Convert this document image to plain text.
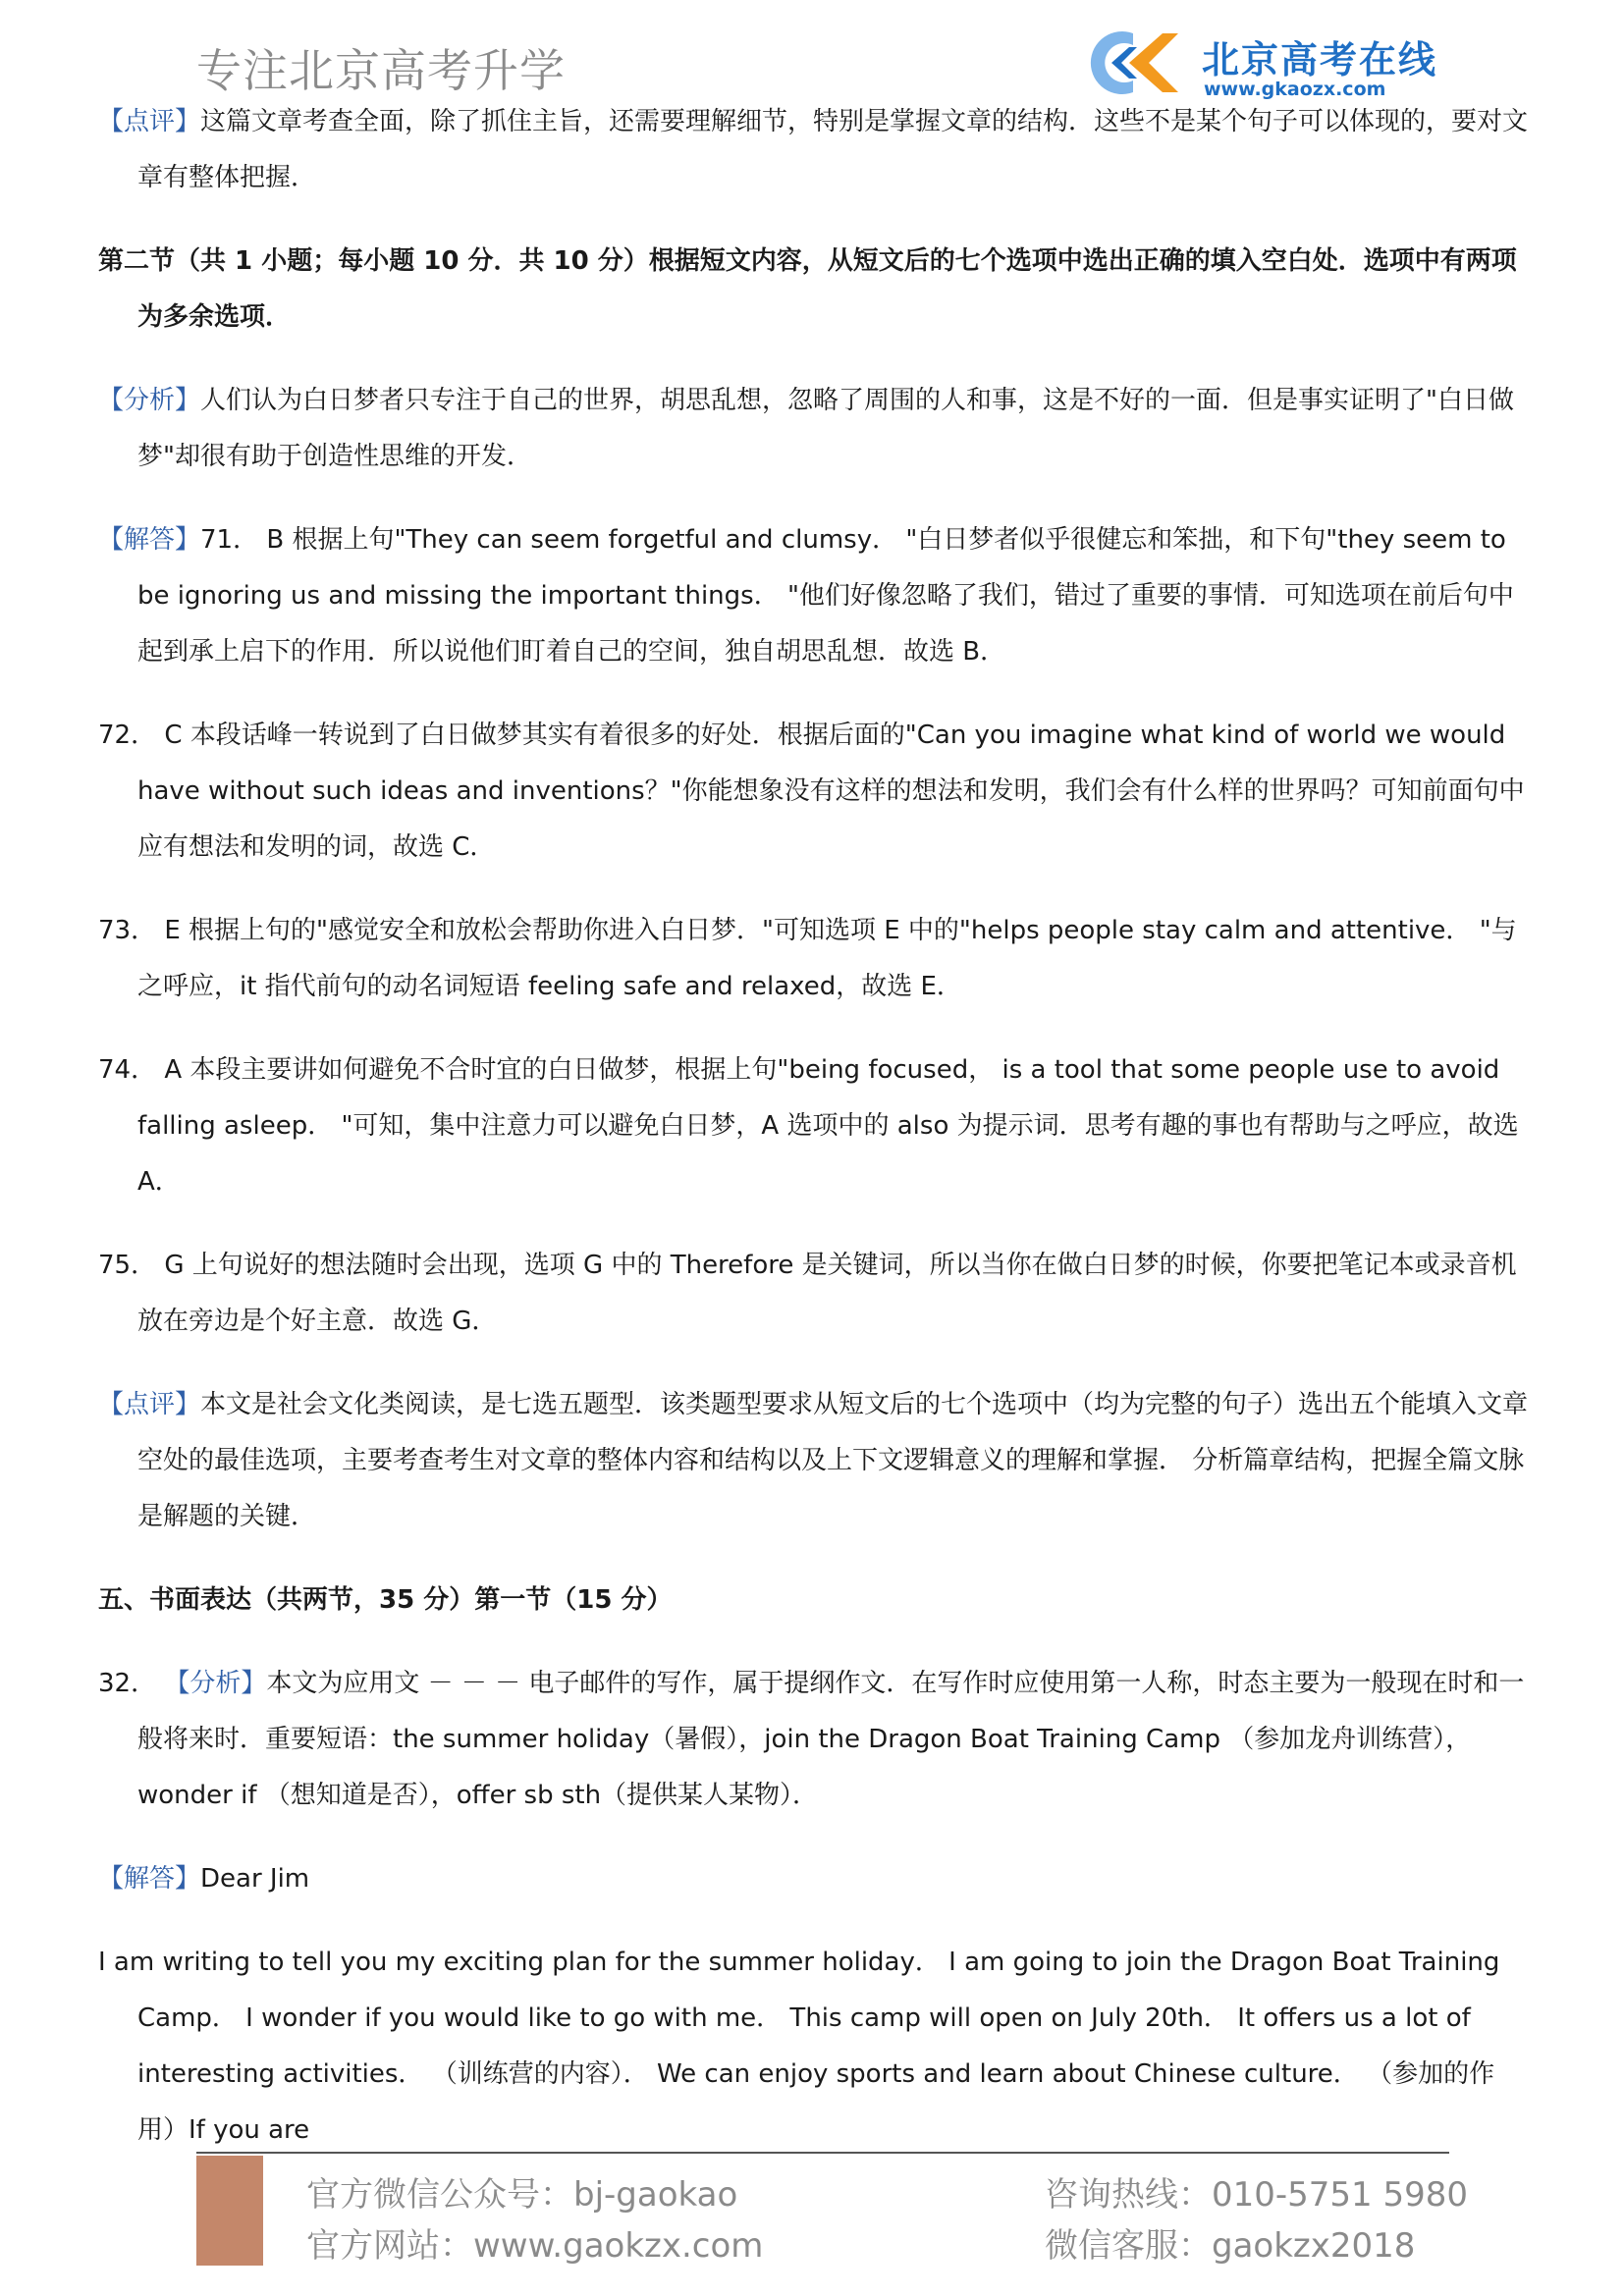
专注北京高考升学	北京高考在线
www.gkaozx.com

【点评】这篇文章考查全面，除了抓住主旨，还需要理解细节，特别是掌握文章的结构．这些不是某个句子可以体现的，要对文章有整体把握．

第二节（共 1 小题；每小题 10 分．共 10 分）根据短文内容，从短文后的七个选项中选出正确的填入空白处．选项中有两项为多余选项．

【分析】人们认为白日梦者只专注于自己的世界，胡思乱想，忽略了周围的人和事，这是不好的一面．但是事实证明了"白日做梦"却很有助于创造性思维的开发．

【解答】71． B 根据上句"They can seem forgetful and clumsy． "白日梦者似乎很健忘和笨拙，和下句"they seem to be ignoring us and missing the important things． "他们好像忽略了我们，错过了重要的事情．可知选项在前后句中起到承上启下的作用．所以说他们盯着自己的空间，独自胡思乱想．故选 B．

72． C 本段话峰一转说到了白日做梦其实有着很多的好处．根据后面的"Can you imagine what kind of world we would have without such ideas and inventions？"你能想象没有这样的想法和发明，我们会有什么样的世界吗？可知前面句中应有想法和发明的词，故选 C．

73． E 根据上句的"感觉安全和放松会帮助你进入白日梦．"可知选项 E 中的"helps people stay calm and attentive． "与之呼应，it 指代前句的动名词短语 feeling safe and relaxed，故选 E．

74． A 本段主要讲如何避免不合时宜的白日做梦，根据上句"being focused， is a tool that some people use to avoid falling asleep． "可知，集中注意力可以避免白日梦，A 选项中的 also 为提示词．思考有趣的事也有帮助与之呼应，故选 A．

75． G 上句说好的想法随时会出现，选项 G 中的 Therefore 是关键词，所以当你在做白日梦的时候，你要把笔记本或录音机放在旁边是个好主意．故选 G．

【点评】本文是社会文化类阅读，是七选五题型．该类题型要求从短文后的七个选项中（均为完整的句子）选出五个能填入文章空处的最佳选项，主要考查考生对文章的整体内容和结构以及上下文逻辑意义的理解和掌握． 分析篇章结构，把握全篇文脉是解题的关键．

五、书面表达（共两节，35 分）第一节（15 分）

32． 【分析】本文为应用文 － － － 电子邮件的写作，属于提纲作文．在写作时应使用第一人称，时态主要为一般现在时和一般将来时．重要短语：the summer holiday（暑假），join the Dragon Boat Training Camp （参加龙舟训练营），wonder if （想知道是否），offer sb sth（提供某人某物）．

【解答】Dear Jim

I am writing to tell you my exciting plan for the summer holiday． I am going to join the Dragon Boat Training Camp． I wonder if you would like to go with me． This camp will open on July 20th． It offers us a lot of interesting activities． （训练营的内容）． We can enjoy sports and learn about Chinese culture． （参加的作用）If you are

官方微信公众号：bj-gaokao
官方网站：www.gaokzx.com
咨询热线：010-5751 5980
微信客服：gaokzx2018
